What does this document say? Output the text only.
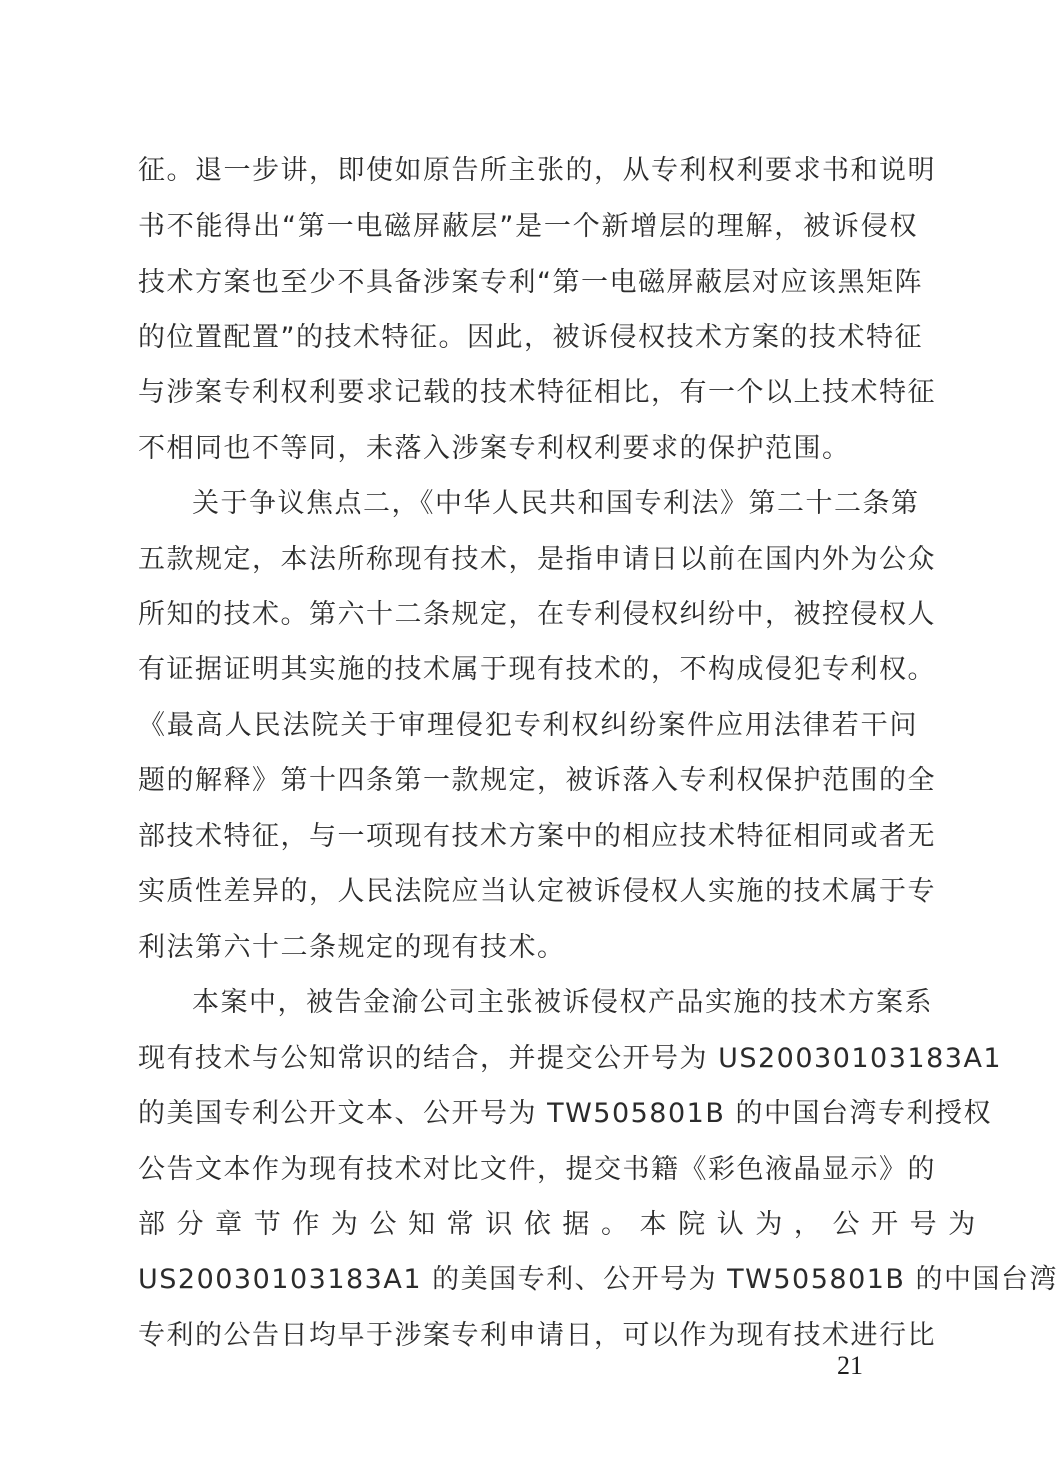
征。退一步讲，即使如原告所主张的，从专利权利要求书和说明
书不能得出“第一电磁屏蔽层”是一个新增层的理解，被诉侵权
技术方案也至少不具备涉案专利“第一电磁屏蔽层对应该黑矩阵
的位置配置”的技术特征。因此，被诉侵权技术方案的技术特征
与涉案专利权利要求记载的技术特征相比，有一个以上技术特征
不相同也不等同，未落入涉案专利权利要求的保护范围。
关于争议焦点二，《中华人民共和国专利法》第二十二条第
五款规定，本法所称现有技术，是指申请日以前在国内外为公众
所知的技术。第六十二条规定，在专利侵权纠纷中，被控侵权人
有证据证明其实施的技术属于现有技术的，不构成侵犯专利权。
《最高人民法院关于审理侵犯专利权纠纷案件应用法律若干问
题的解释》第十四条第一款规定，被诉落入专利权保护范围的全
部技术特征，与一项现有技术方案中的相应技术特征相同或者无
实质性差异的，人民法院应当认定被诉侵权人实施的技术属于专
利法第六十二条规定的现有技术。
本案中，被告金渝公司主张被诉侵权产品实施的技术方案系
现有技术与公知常识的结合，并提交公开号为 US20030103183A1
的美国专利公开文本、公开号为 TW505801B 的中国台湾专利授权
公告文本作为现有技术对比文件，提交书籍《彩色液晶显示》的
部 分 章 节 作 为 公 知 常 识 依 据 。 本 院 认 为 ， 公 开 号 为
US20030103183A1 的美国专利、公开号为 TW505801B 的中国台湾
专利的公告日均早于涉案专利申请日，可以作为现有技术进行比
21
